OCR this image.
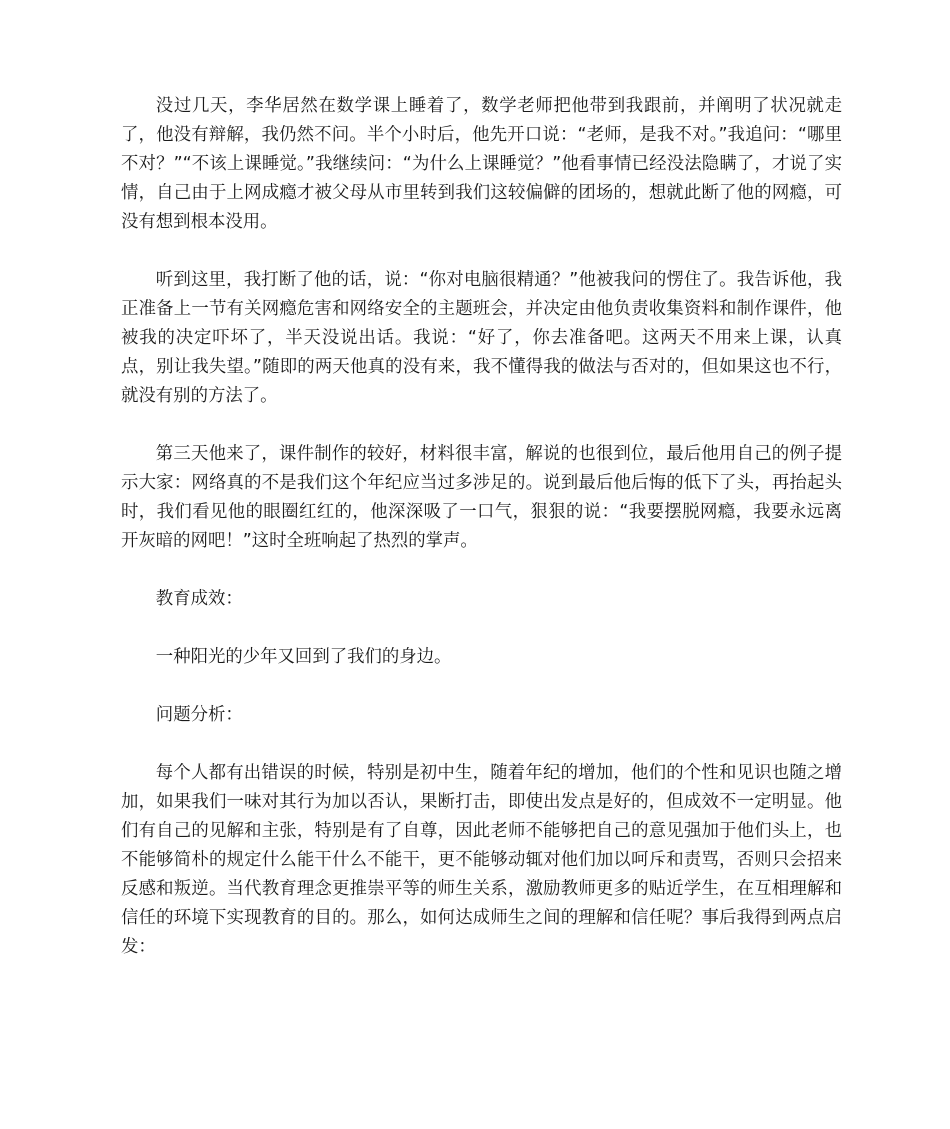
没过几天，李华居然在数学课上睡着了，数学老师把他带到我跟前，并阐明了状况就走了，他没有辩解，我仍然不问。半个小时后，他先开口说：“老师，是我不对。”我追问：“哪里不对？”“不该上课睡觉。”我继续问：“为什么上课睡觉？”他看事情已经没法隐瞒了，才说了实情，自己由于上网成瘾才被父母从市里转到我们这较偏僻的团场的，想就此断了他的网瘾，可没有想到根本没用。

听到这里，我打断了他的话，说：“你对电脑很精通？”他被我问的愣住了。我告诉他，我正准备上一节有关网瘾危害和网络安全的主题班会，并决定由他负责收集资料和制作课件，他被我的决定吓坏了，半天没说出话。我说：“好了，你去准备吧。这两天不用来上课，认真点，别让我失望。”随即的两天他真的没有来，我不懂得我的做法与否对的，但如果这也不行，就没有别的方法了。

第三天他来了，课件制作的较好，材料很丰富，解说的也很到位，最后他用自己的例子提示大家：网络真的不是我们这个年纪应当过多涉足的。说到最后他后悔的低下了头，再抬起头时，我们看见他的眼圈红红的，他深深吸了一口气，狠狠的说：“我要摆脱网瘾，我要永远离开灰暗的网吧！”这时全班响起了热烈的掌声。

教育成效：

一种阳光的少年又回到了我们的身边。

问题分析：

每个人都有出错误的时候，特别是初中生，随着年纪的增加，他们的个性和见识也随之增加，如果我们一味对其行为加以否认，果断打击，即使出发点是好的，但成效不一定明显。他们有自己的见解和主张，特别是有了自尊，因此老师不能够把自己的意见强加于他们头上，也不能够简朴的规定什么能干什么不能干，更不能够动辄对他们加以呵斥和责骂，否则只会招来反感和叛逆。当代教育理念更推崇平等的师生关系，激励教师更多的贴近学生，在互相理解和信任的环境下实现教育的目的。那么，如何达成师生之间的理解和信任呢？事后我得到两点启发：
